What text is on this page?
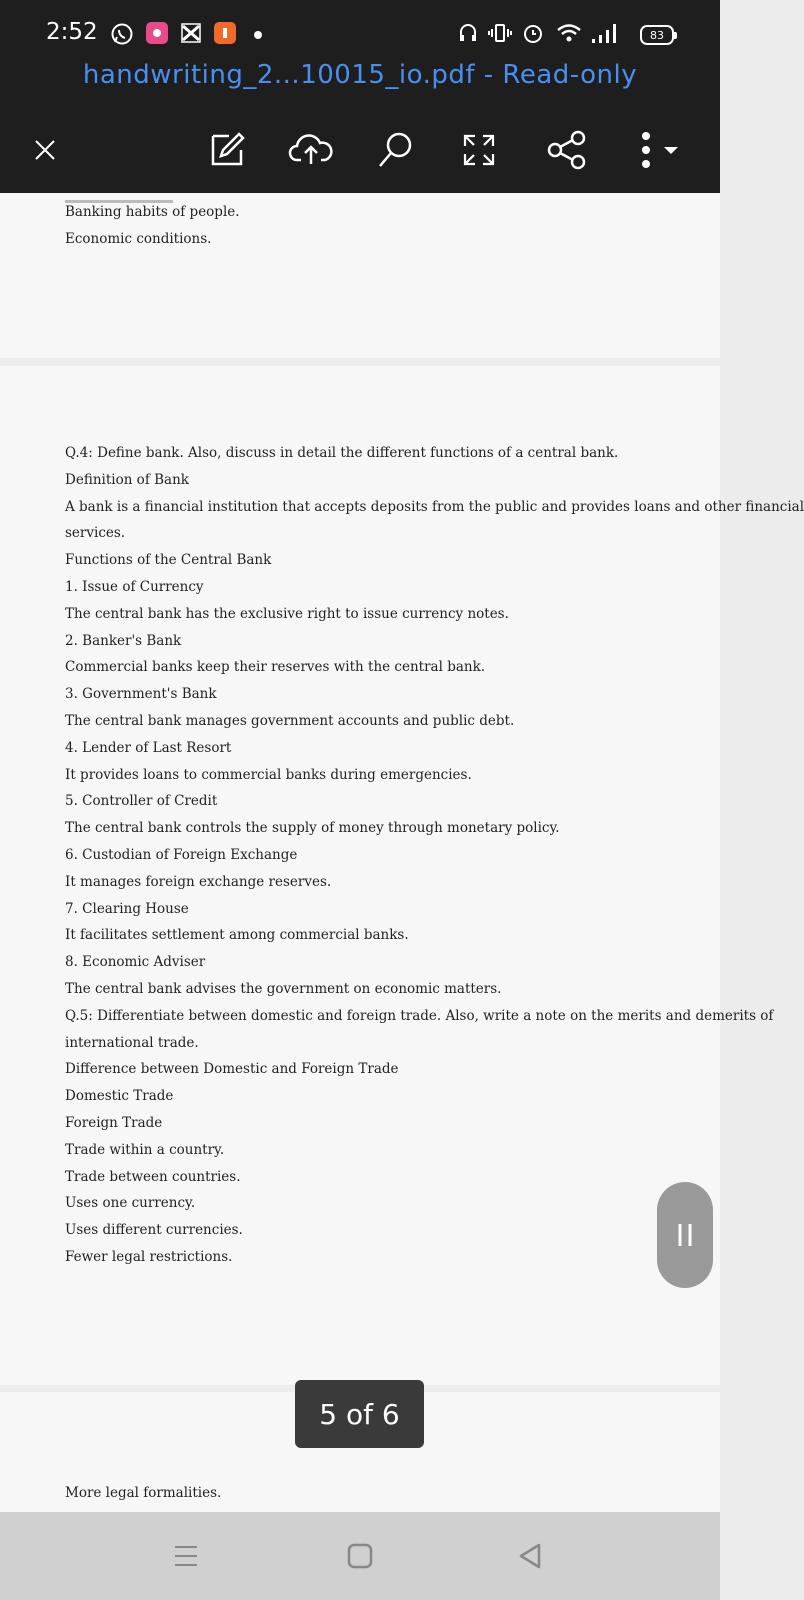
2:52	83
handwriting_2...10015_io.pdf - Read-only
Banking habits of people.
Economic conditions.
Q.4: Define bank. Also, discuss in detail the different functions of a central bank.
Definition of Bank
A bank is a financial institution that accepts deposits from the public and provides loans and other financial
services.
Functions of the Central Bank
1. Issue of Currency
The central bank has the exclusive right to issue currency notes.
2. Banker's Bank
Commercial banks keep their reserves with the central bank.
3. Government's Bank
The central bank manages government accounts and public debt.
4. Lender of Last Resort
It provides loans to commercial banks during emergencies.
5. Controller of Credit
The central bank controls the supply of money through monetary policy.
6. Custodian of Foreign Exchange
It manages foreign exchange reserves.
7. Clearing House
It facilitates settlement among commercial banks.
8. Economic Adviser
The central bank advises the government on economic matters.
Q.5: Differentiate between domestic and foreign trade. Also, write a note on the merits and demerits of
international trade.
Difference between Domestic and Foreign Trade
Domestic Trade
Foreign Trade
Trade within a country.
Trade between countries.
Uses one currency.
Uses different currencies.
Fewer legal restrictions.
More legal formalities.
5 of 6
